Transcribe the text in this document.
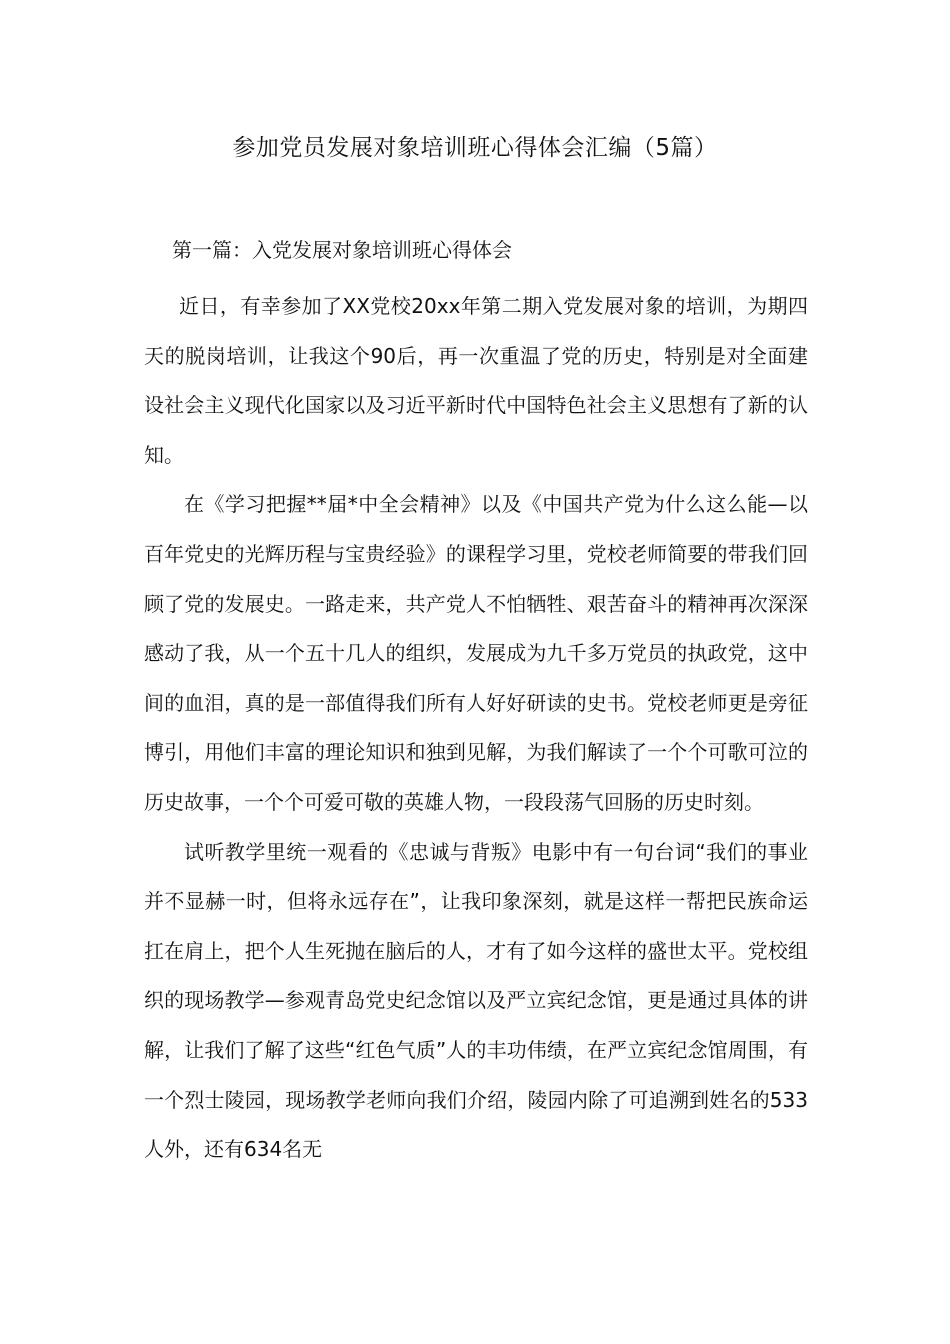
参加党员发展对象培训班心得体会汇编（5篇）
第一篇：入党发展对象培训班心得体会

近日，有幸参加了XX党校20xx年第二期入党发展对象的培训，为期四天的脱岗培训，让我这个90后，再一次重温了党的历史，特别是对全面建设社会主义现代化国家以及习近平新时代中国特色社会主义思想有了新的认知。

在《学习把握**届*中全会精神》以及《中国共产党为什么这么能—以百年党史的光辉历程与宝贵经验》的课程学习里，党校老师简要的带我们回顾了党的发展史。一路走来，共产党人不怕牺牲、艰苦奋斗的精神再次深深感动了我，从一个五十几人的组织，发展成为九千多万党员的执政党，这中间的血泪，真的是一部值得我们所有人好好研读的史书。党校老师更是旁征博引，用他们丰富的理论知识和独到见解，为我们解读了一个个可歌可泣的历史故事，一个个可爱可敬的英雄人物，一段段荡气回肠的历史时刻。

试听教学里统一观看的《忠诚与背叛》电影中有一句台词“我们的事业并不显赫一时，但将永远存在”，让我印象深刻，就是这样一帮把民族命运扛在肩上，把个人生死抛在脑后的人，才有了如今这样的盛世太平。党校组织的现场教学—参观青岛党史纪念馆以及严立宾纪念馆，更是通过具体的讲解，让我们了解了这些“红色气质”人的丰功伟绩，在严立宾纪念馆周围，有一个烈士陵园，现场教学老师向我们介绍，陵园内除了可追溯到姓名的533人外，还有634名无
